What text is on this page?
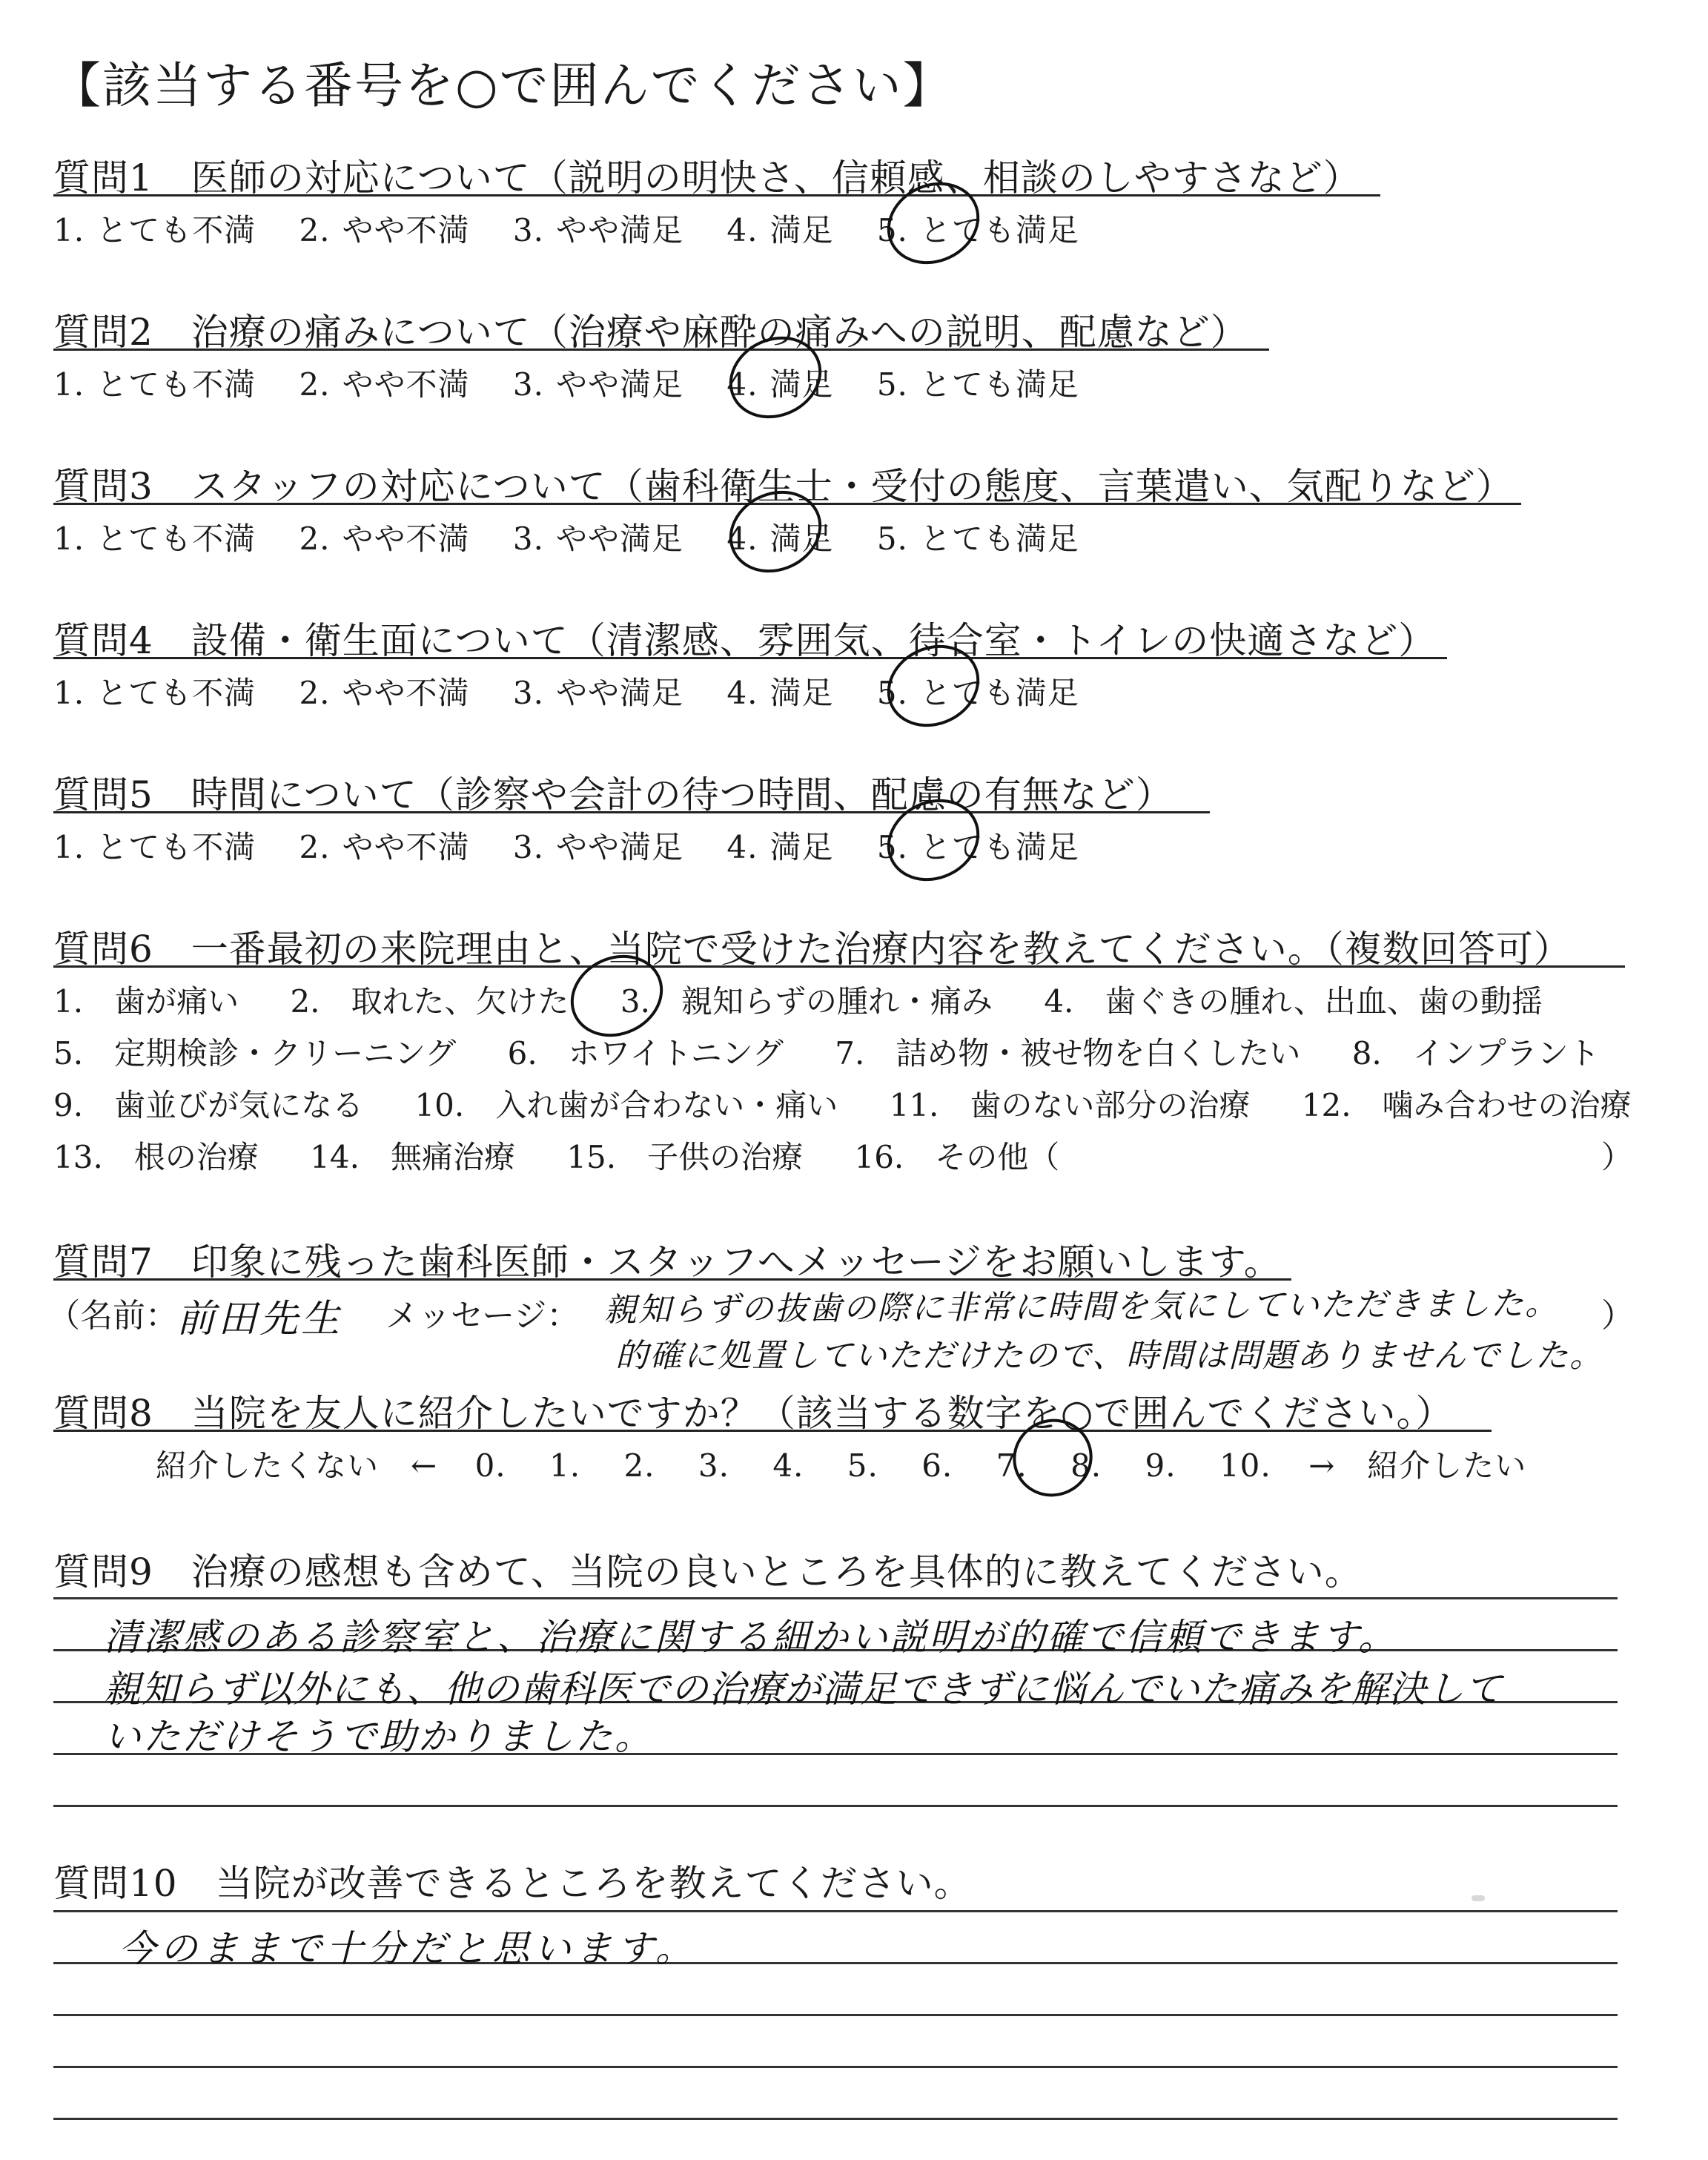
【該当する番号を○で囲んでください】
質問1　医師の対応について（説明の明快さ、信頼感、相談のしやすさなど）
1. とても不満 2. やや不満 3. やや満足 4. 満足 5. とても満足
質問2　治療の痛みについて（治療や麻酔の痛みへの説明、配慮など）
1. とても不満 2. やや不満 3. やや満足 4. 満足 5. とても満足
質問3　スタッフの対応について（歯科衛生士・受付の態度、言葉遣い、気配りなど）
1. とても不満 2. やや不満 3. やや満足 4. 満足 5. とても満足
質問4　設備・衛生面について（清潔感、雰囲気、待合室・トイレの快適さなど）
1. とても不満 2. やや不満 3. やや満足 4. 満足 5. とても満足
質問5　時間について（診察や会計の待つ時間、配慮の有無など）
1. とても不満 2. やや不満 3. やや満足 4. 満足 5. とても満足
質問6　一番最初の来院理由と、当院で受けた治療内容を教えてください。（複数回答可）
1.　歯が痛い 2.　取れた、欠けた 3.　親知らずの腫れ・痛み 4.　歯ぐきの腫れ、出血、歯の動揺
5.　定期検診・クリーニング 6.　ホワイトニング 7.　詰め物・被せ物を白くしたい 8.　インプラント
9.　歯並びが気になる 10.　入れ歯が合わない・痛い 11.　歯のない部分の治療 12.　噛み合わせの治療
13.　根の治療 14.　無痛治療 15.　子供の治療 16.　その他（	）
質問7　印象に残った歯科医師・スタッフへメッセージをお願いします。
（名前：
前田先生 メッセージ： 親知らずの抜歯の際に非常に時間を気にしていただきました。
的確に処置していただけたので、時間は問題ありませんでした。
）
質問8　当院を友人に紹介したいですか？（該当する数字を○で囲んでください。）
紹介したくない　← 0. 1. 2. 3. 4. 5. 6. 7. 8. 9. 10. →　紹介したい
質問9　治療の感想も含めて、当院の良いところを具体的に教えてください。
清潔感のある診察室と、治療に関する細かい説明が的確で信頼できます。
親知らず以外にも、他の歯科医での治療が満足できずに悩んでいた痛みを解決して
いただけそうで助かりました。
質問10　当院が改善できるところを教えてください。
今のままで十分だと思います。
